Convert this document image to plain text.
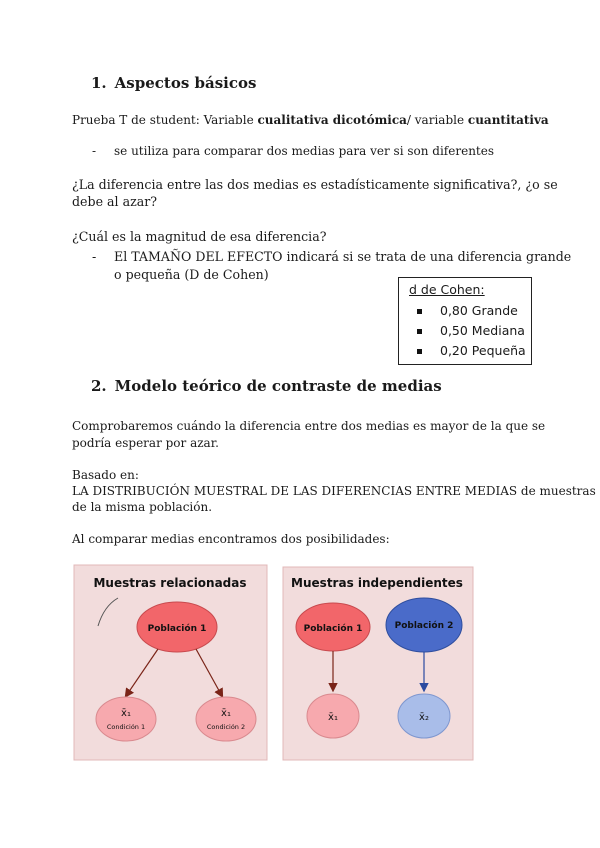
1. Aspectos básicos
Prueba T de student: Variable cualitativa dicotómica/ variable cuantitativa
- se utiliza para comparar dos medias para ver si son diferentes
¿La diferencia entre las dos medias es estadísticamente significativa?, ¿o se
debe al azar?
¿Cuál es la magnitud de esa diferencia?
- El TAMAÑO DEL EFECTO indicará si se trata de una diferencia grande
o pequeña (D de Cohen)
d de Cohen:
0,80 Grande
0,50 Mediana
0,20 Pequeña
2. Modelo teórico de contraste de medias
Comprobaremos cuándo la diferencia entre dos medias es mayor de la que se
podría esperar por azar.
Basado en:
LA DISTRIBUCIÓN MUESTRAL DE LAS DIFERENCIAS ENTRE MEDIAS de muestras
de la misma población.
Al comparar medias encontramos dos posibilidades:
Muestras relacionadas
Población 1
x̄₁
Condición 1
x̄₁
Condición 2
Muestras independientes
Población 1	Población 2
x̄₁	x̄₂
